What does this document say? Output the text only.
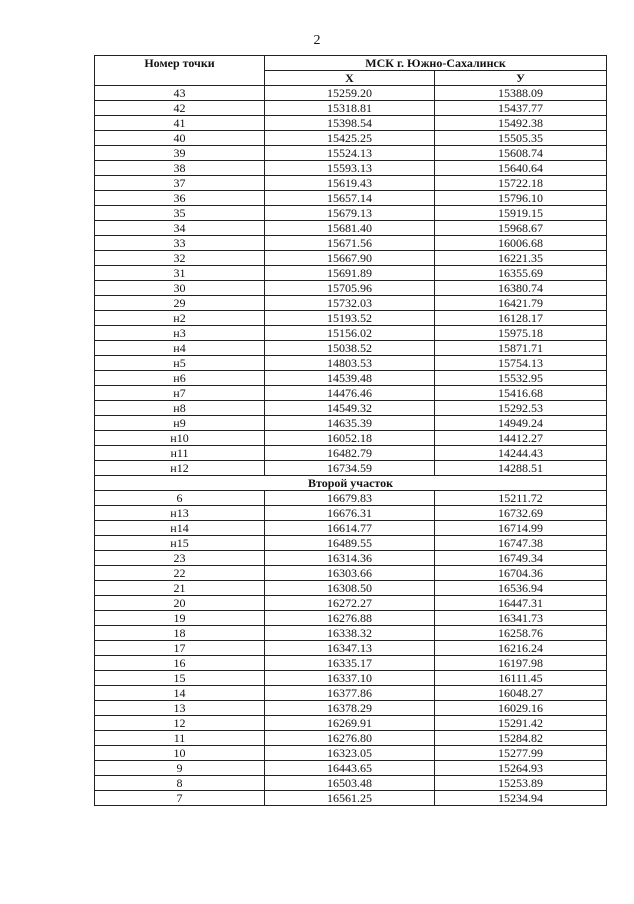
2
Номер точки	МСК г. Южно-Сахалинск	
	Х	У
43	15259.20	15388.09
42	15318.81	15437.77
41	15398.54	15492.38
40	15425.25	15505.35
39	15524.13	15608.74
38	15593.13	15640.64
37	15619.43	15722.18
36	15657.14	15796.10
35	15679.13	15919.15
34	15681.40	15968.67
33	15671.56	16006.68
32	15667.90	16221.35
31	15691.89	16355.69
30	15705.96	16380.74
29	15732.03	16421.79
н2	15193.52	16128.17
н3	15156.02	15975.18
н4	15038.52	15871.71
н5	14803.53	15754.13
н6	14539.48	15532.95
н7	14476.46	15416.68
н8	14549.32	15292.53
н9	14635.39	14949.24
н10	16052.18	14412.27
н11	16482.79	14244.43
н12	16734.59	14288.51
Второй участок		
6	16679.83	15211.72
н13	16676.31	16732.69
н14	16614.77	16714.99
н15	16489.55	16747.38
23	16314.36	16749.34
22	16303.66	16704.36
21	16308.50	16536.94
20	16272.27	16447.31
19	16276.88	16341.73
18	16338.32	16258.76
17	16347.13	16216.24
16	16335.17	16197.98
15	16337.10	16111.45
14	16377.86	16048.27
13	16378.29	16029.16
12	16269.91	15291.42
11	16276.80	15284.82
10	16323.05	15277.99
9	16443.65	15264.93
8	16503.48	15253.89
7	16561.25	15234.94
